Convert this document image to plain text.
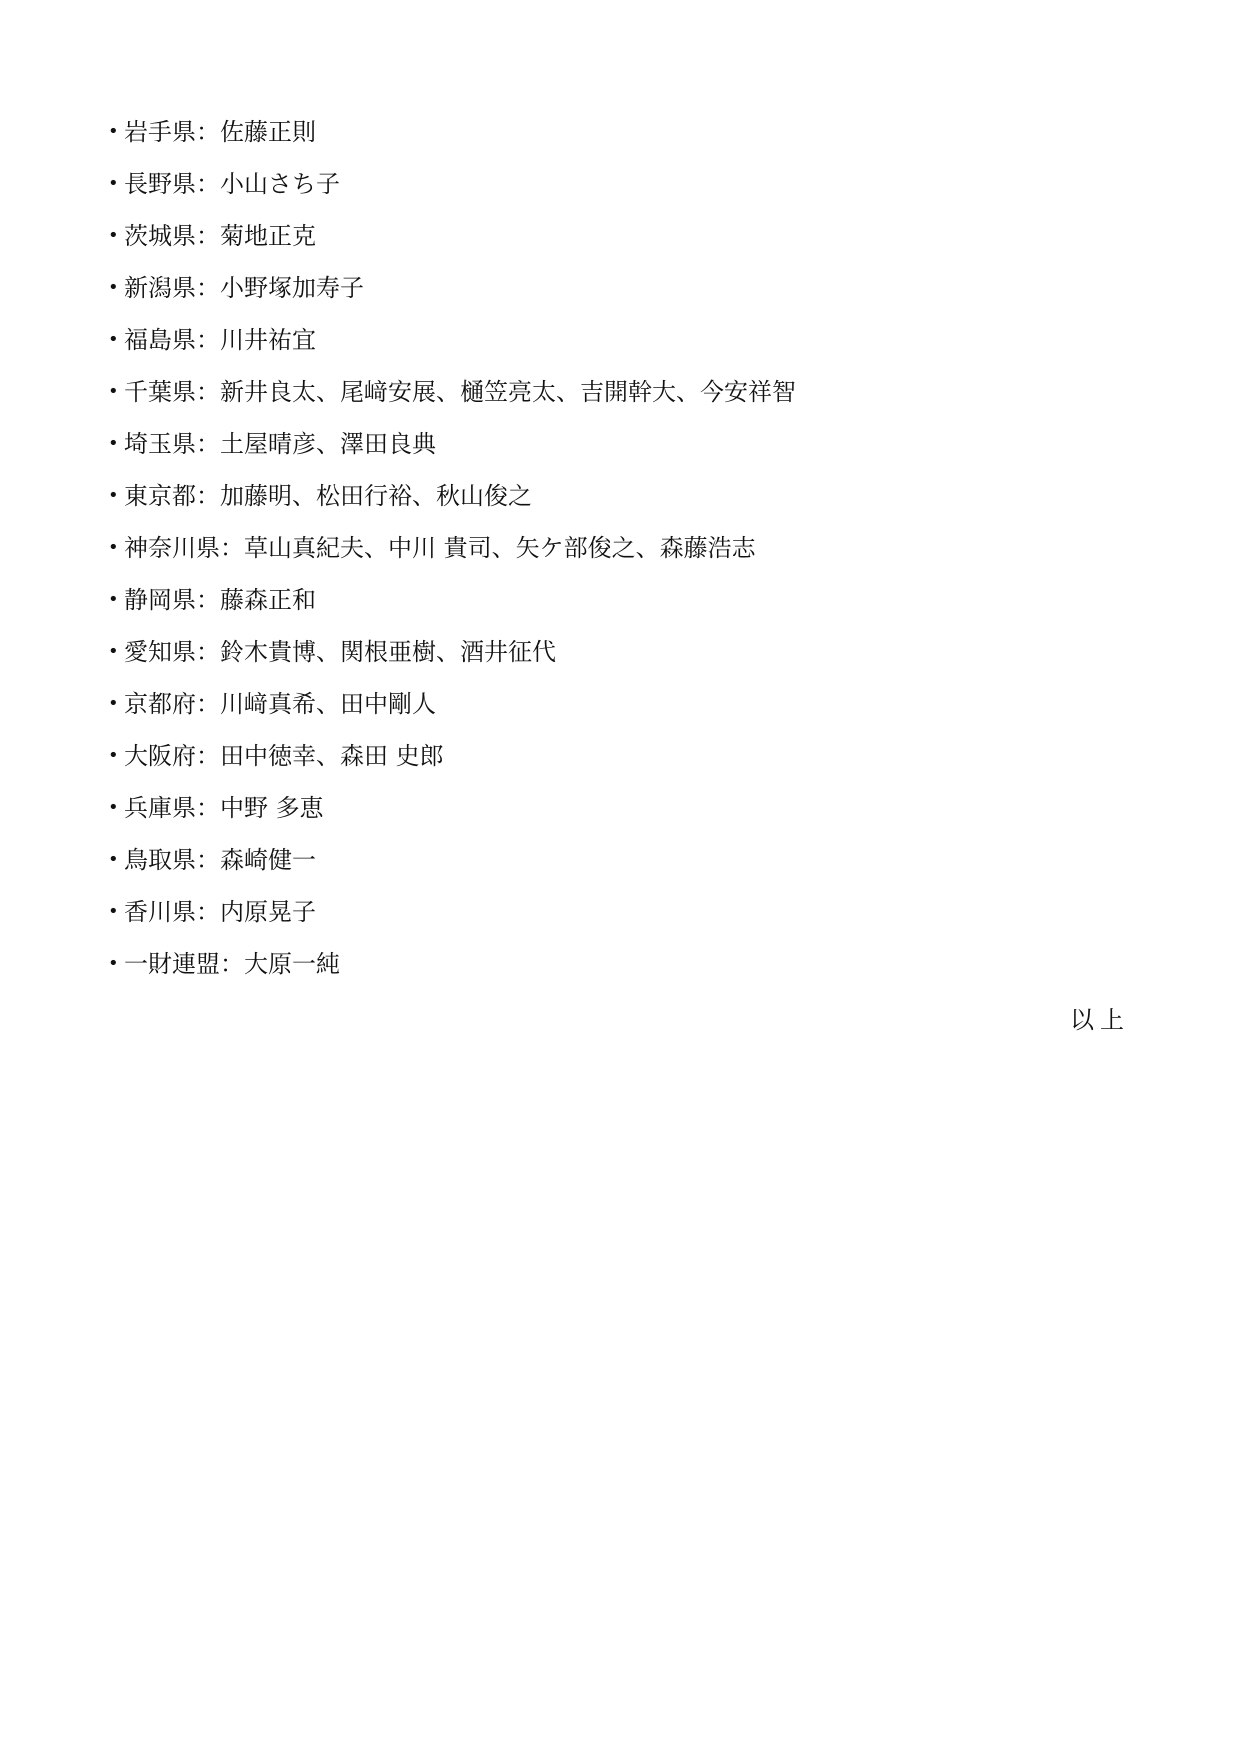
• 岩手県：佐藤正則
• 長野県：小山さち子
• 茨城県：菊地正克
• 新潟県：小野塚加寿子
• 福島県：川井祐宜
• 千葉県：新井良太、尾﨑安展、樋笠亮太、吉開幹大、今安祥智
• 埼玉県：土屋晴彦、澤田良典
• 東京都：加藤明、松田行裕、秋山俊之
• 神奈川県：草山真紀夫、中川 貴司、矢ケ部俊之、森藤浩志
• 静岡県：藤森正和
• 愛知県：鈴木貴博、関根亜樹、酒井征代
• 京都府：川﨑真希、田中剛人
• 大阪府：田中徳幸、森田 史郎
• 兵庫県：中野 多恵
• 鳥取県：森崎健一
• 香川県：内原晃子
• 一財連盟：大原一純
以上
